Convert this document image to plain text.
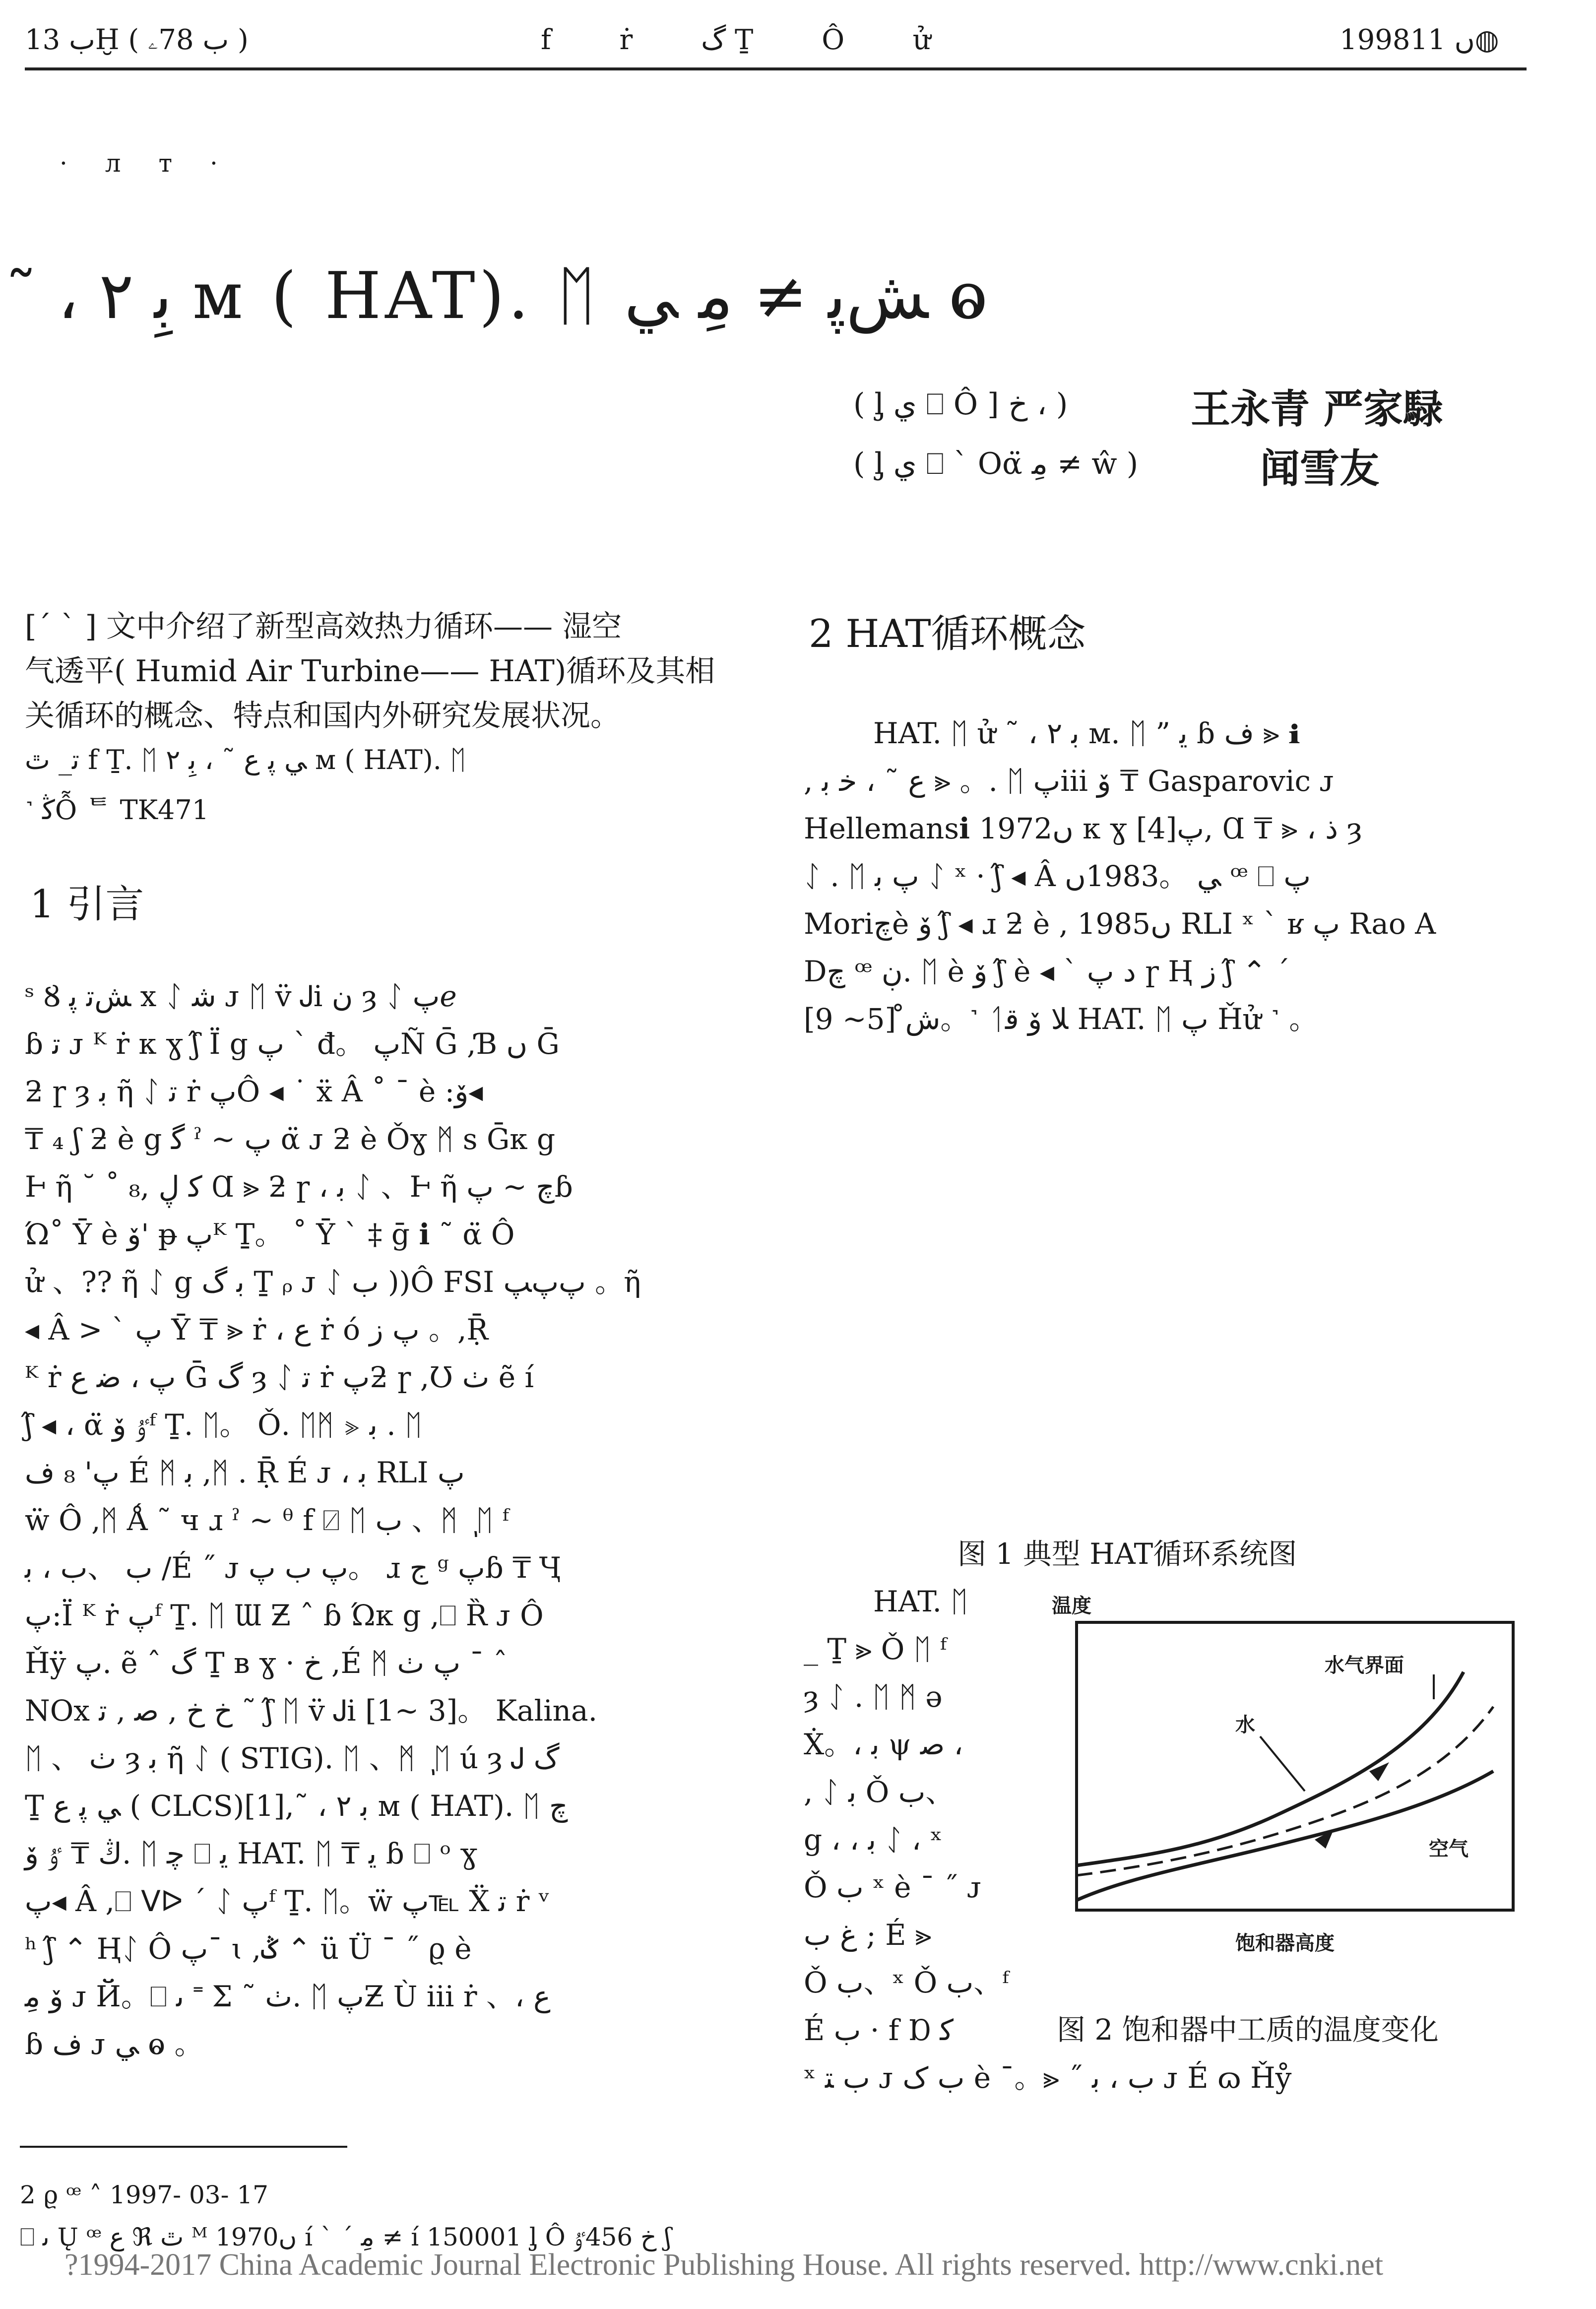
ب 13Ḫ ( ب 78ۦ )	f ṙ گ Ṯ Ô ử	1998ں 11◍
· л т ·
˜ ، ﺑِ ٢ м ( HAT). ᛖ ﺶﭘ ≠ ﻣِ ﻲ ⱺ
( ᶅ ي ⎕ Ô ] خ ، )	王永青 严家騄
( ᶅ ي ⎕ ` Oα̈ ﻣِ ≠ ŵ )	闻雪友
[ˊ ˋ ] 文中介绍了新型高效热力循环—— 湿空
气透平( Humid Air Turbine—— HAT)循环及其相
关循环的概念、特点和国内外研究发展状况。
ﺗ_ ٿ f Ṯ. ᛖ ﻲ ﭘ ع ˜ ، ﺑِ ٢ м ( HAT). ᛖ
˺ ﯕỖ ᄐ TK471
1 引言
ˢ Ȣ ﺶﺗ ﭘ x ᛇ ﺷ ᴊ ᛖ v̈ Ꭻi ن ȝ ᛇ ﭖℯ
ɓ ﺗ ᴊ ᴷ ṙ к ɣ ʃ̂ Ï g ﭖ ` đ。 ﭖÑ Ḡ ,Ɓ ں Ḡ
ƻ ɼ ȝ ﺑ ῆ ᛇ ﺗ ṙ ﭖÔ ◂ ˙ ẍ Â ˚ ¯ è :ﯙ◂
₸ ₄ ʃ ƻ è g ﮔ ˀ ~ ﭖ α̈ ᴊ ƻ è Ǒɣ ᛗ s Ḡк g
Ⱶ ῆ ˘ ˚ ﮐ ڸ ,₈ Ɑ ⪢ ƻ ɼ ، ﺑ ᛇ 、Ⱶ ῆ ﭺ ~ ﭖɓ
Ώ˚ Ῡ è ﯙ' ᵽ ﭖᴷ Ṯ。 ˚ Ῡ ˋ ‡ ḡ ℹ ˜ α̈ Ô
ử 、?? ῆ ᛇ g ﺑ گ Ṯ ᵨ ᴊ ᛇ ب ))Ô FSI ﭖﭖﭗ 。ῆ
◂ Â > ˋ ﭖ Ῡ ₸ ⪢ ṙ ، ع ṙ ó ﭖ ز 。,Ṝ
ᴷ ṙ ﭖ ، ﺿ ع Ḡ گ ȝ ᛇ ﺗ ṙ ﭖƻ ɼ ,Ʊ ٺ ẽ í
ʃ̂ ◂ ، α̈ ﯝ ﯙᶠ Ṯ. ᛖ。 Ǒ. ᛖᛗ ⪢ ﺑ . ᛖ
ﭖ' ₈ ف É ᛗ ﺑ ,ᛗ . Ṝ É ᴊ ، ﺑ RLI ﭖ
ẅ Ô ,ᛗ Ǻ ˜ ч ɹ ˀ ~ ᶿ f ⍁ ᛖ ب 、ᛗ ٖ ᛖ ᶠ
ب 、ب ، ﺑ /É ˝ ᴊ ﭖ ب ﭖ。 ɹ ج ᵍ ﭖɓ ₸ Ҷ
ﭖ:Ï ᴷ ṙ ﭖᶠ Ṯ. ᛖ Ɯ Ƶ ˆ ɓ Ώк g ,⎕ Ȑ ᴊ Ô
Ȟÿ ﭖ. ẽ ˆ گ Ṯ в ɣ · خ ,É ᛗ ﭖ ٺ ¯ ˆ
NOx خ خ , ﺻ ‚ ﺗ ˜ ʃ̂ ᛖ v̈ Ꭻi [1~ 3]。 Kalina.
ᛖ 、 ٺ ȝ ﺑ ῆ ᛇ ( STIG). ᛖ 、ᛗ ٖ ᛖ ú ȝ Ꭻ گ
Ṯ ﻲ ﭘ ع ( CLCS)[1],˜ ، ﺑ ٢ м ( HAT). ᛖ ﭺ
ﯓ ₸ ﯝ ﯙ. ᛖ ﭼ ⎕ ﻳ HAT. ᛖ ₸ ﻳ ɓ ⎕ ᵒ ɣ
ﭖ◂ Â ,⎕ ᐯᐅ ˊ ᛇ ﭖᶠ Ṯ. ᛖ。ẅ ﭖ℡ Ẍ ﺗ ṙ ᵛ
ʰ ʃ̂ ⌃ Ⱨᛇ Ô ﭖˉ ɩ ,ݣ ⌃ ü Ü ˉ ˝ ϱ è
ﯙ ﻣِ ᴊ Й。⎕ ﯨ ˭ Ʃ ˜ ٺ. ᛖ ﭖƵ Ù iii ṙ 、، ع
ɓ ف ᴊ ﻲ ⱺ 。
2 HAT循环概念
HAT. ᛖ ử ˜ ، ﺑ ٢ м. ᛖ ” ﻳ ɓ ف ⪢ ℹ
, ع ˜ ، ﺧ ﺑ ⪢ 。. ᛖ ﭖiii ﯙ ₸ Gasparovic ᴊ
Hellemansℹ 1972ں к ɣ ﭖ[4], Ɑ ₸ ⪢ ، ذ ȝ
ᛇ . ᛖ ﭖ ﺑ ᛇ ˣ · ʃ̂ ◂ Â ﻲ 。1983ں ꟹ ⎕ ﭖ
Moriﭺè ﯙ ʃ̂ ◂ ɹ ƻ è , 1985ں RLI ˣ ˋ ʁ ﭖ Rao A
Dﭺ ꟹ ڹ. ᛖ è ﯙ ʃ̂ è ◂ ` ﺩ ﭖ ɼ Ⱨ ﺯ ʃ̂ ⌃ ˊ
ﺵ̊ [5~ 9]。˺ ᛐﻼ ﯙ ﻗ HAT. ᛖ ﭖ Ȟử ˺ 。
图 1 典型 HAT循环系统图
HAT. ᛖ
_ Ṯ ⪢ Ǒ ᛖ ᶠ
ȝ ᛇ . ᛖ ᛗ ə
Ẋ。، ﺑ ψ ﺻ ،
, ᛇ ﺑ Ǒ ب、
g ، ، ﺑ ᛇ ، ˣ
Ǒ ب ˣ è ¯ ˝ ᴊ
ﻍ ب ; É ⪢
Ǒ ب、ˣ Ǒ ب、ᶠ
É ب · f Ɒ ﮐ
温度
水气界面
水
空气
饱和器高度
图 2 饱和器中工质的温度变化
ˣ ب ﺘ ᴊ ب ﮎ è ¯。⪢ ˝ ب ، ﺑ ᴊ É ɷ Ȟẙ
2 ϱ ꟹ ˄ 1997- 03- 17
⎕ ﯨ Ų ꟹ ﻉ ℜ ٿ ᴹ 1970ں í ˋ ˊ ﻣِ ≠ í 150001 ᶅ Ô خ 456ﯝ ʃ
?1994-2017 China Academic Journal Electronic Publishing House. All rights reserved. http://www.cnki.net
